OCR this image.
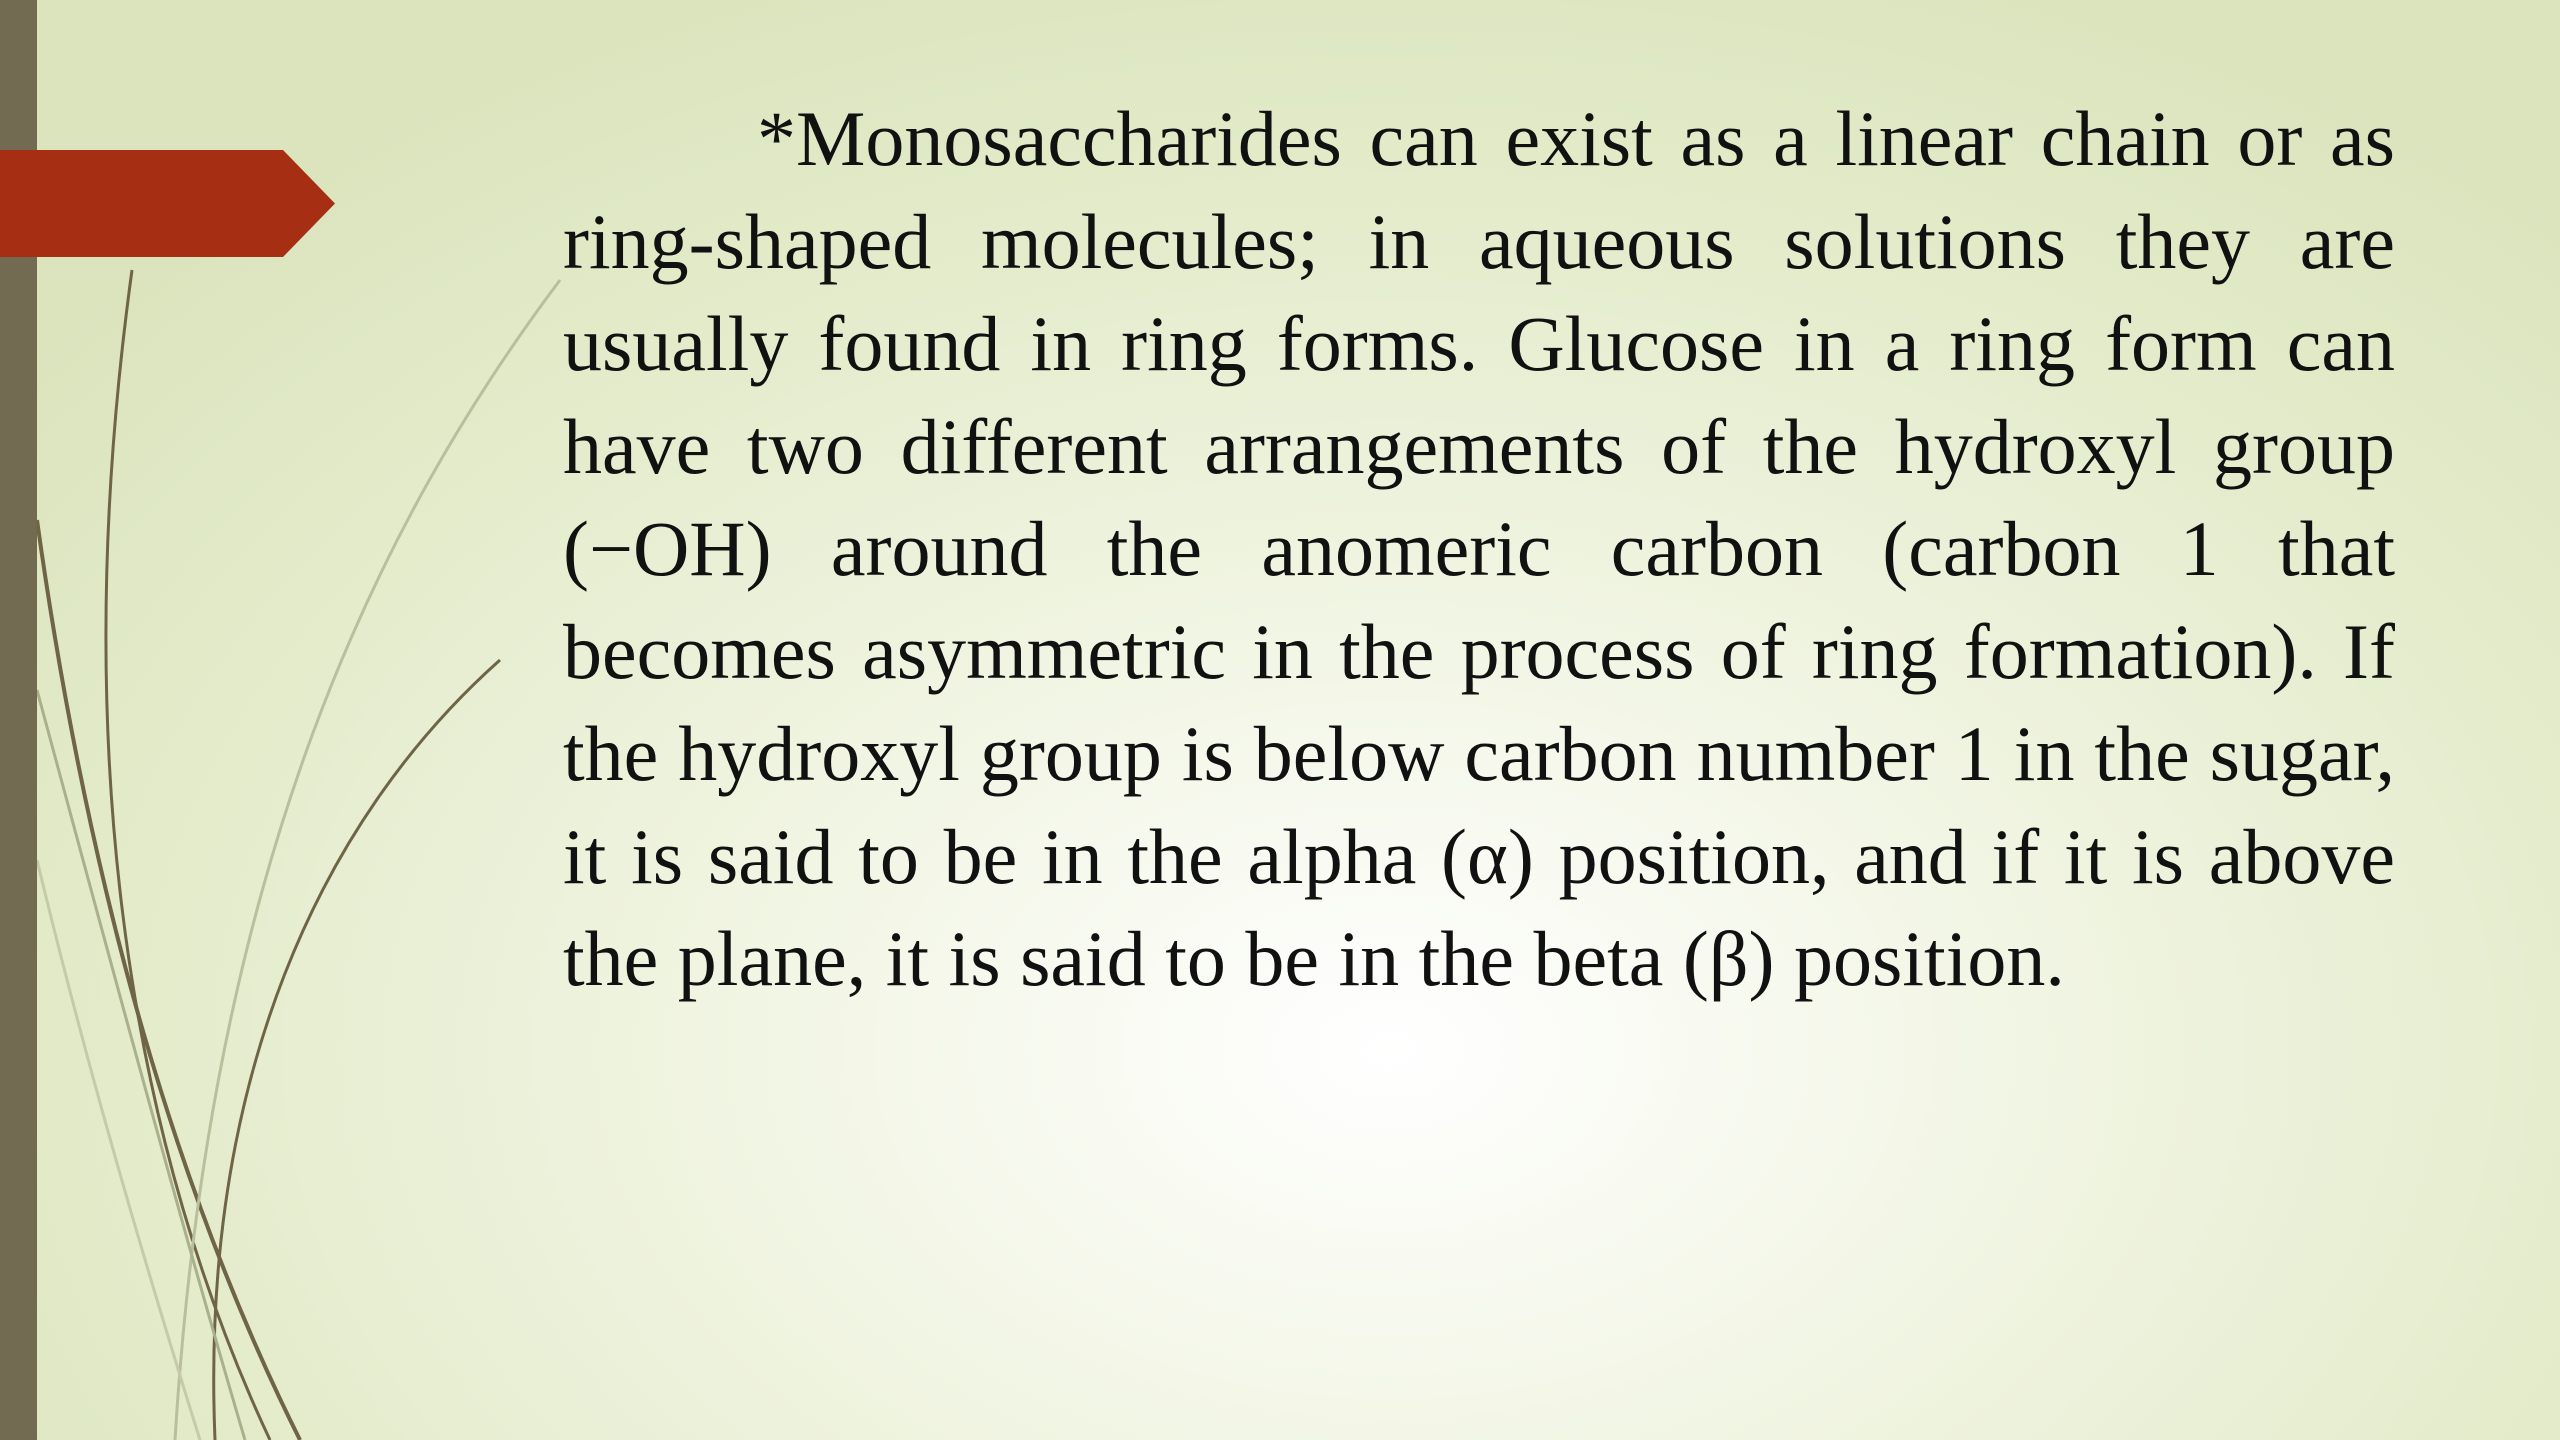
*Monosaccharides can exist as a linear chain or as ring-shaped molecules; in aqueous solutions they are usually found in ring forms. Glucose in a ring form can have two different arrangements of the hydroxyl group (−OH) around the anomeric carbon (carbon 1 that becomes asymmetric in the process of ring formation). If the hydroxyl group is below carbon number 1 in the sugar, it is said to be in the alpha (α) position, and if it is above the plane, it is said to be in the beta (β) position.
